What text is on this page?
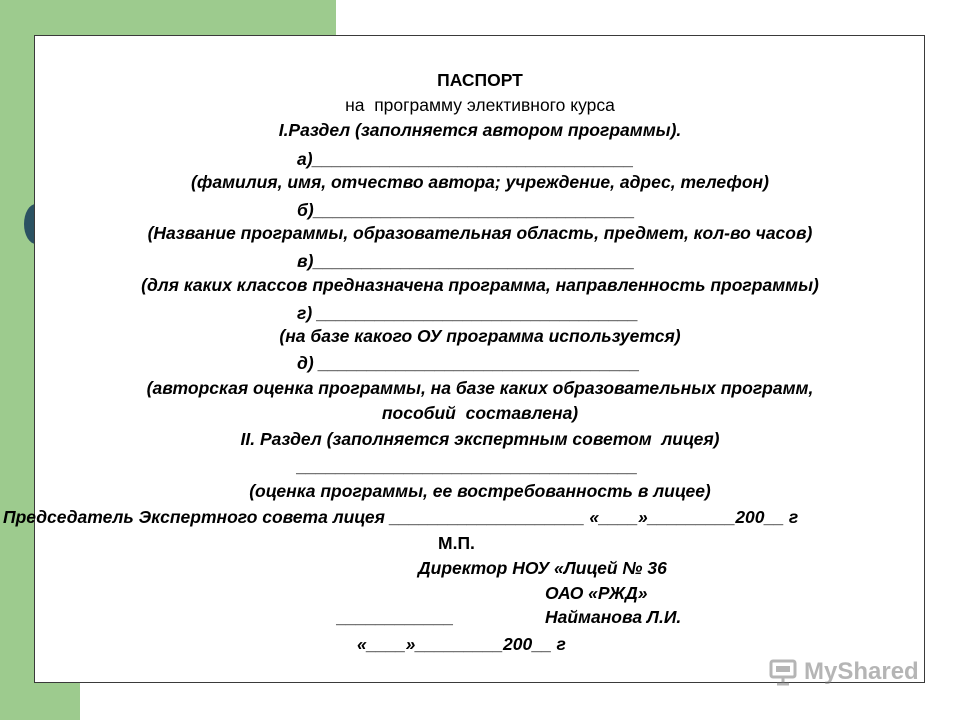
ПАСПОРТ

на  программу элективного курса
I.Раздел (заполняется автором программы).
а)_________________________________
(фамилия, имя, отчество автора; учреждение, адрес, телефон)
б)_________________________________
(Название программы, образовательная область, предмет, кол-во часов)
в)_________________________________
(для каких классов предназначена программа, направленность программы)
г) _________________________________
(на базе какого ОУ программа используется)
д) _________________________________
(авторская оценка программы, на базе каких образовательных программ,
пособий  составлена)
II. Раздел (заполняется экспертным советом  лицея)
___________________________________
(оценка программы, ее востребованность в лицее)
Председатель Экспертного совета лицея ____________________ «____»_________200__ г
М.П.
Директор НОУ «Лицей № 36
ОАО «РЖД»
____________	Найманова Л.И.
«____»_________200__ г
MyShared
